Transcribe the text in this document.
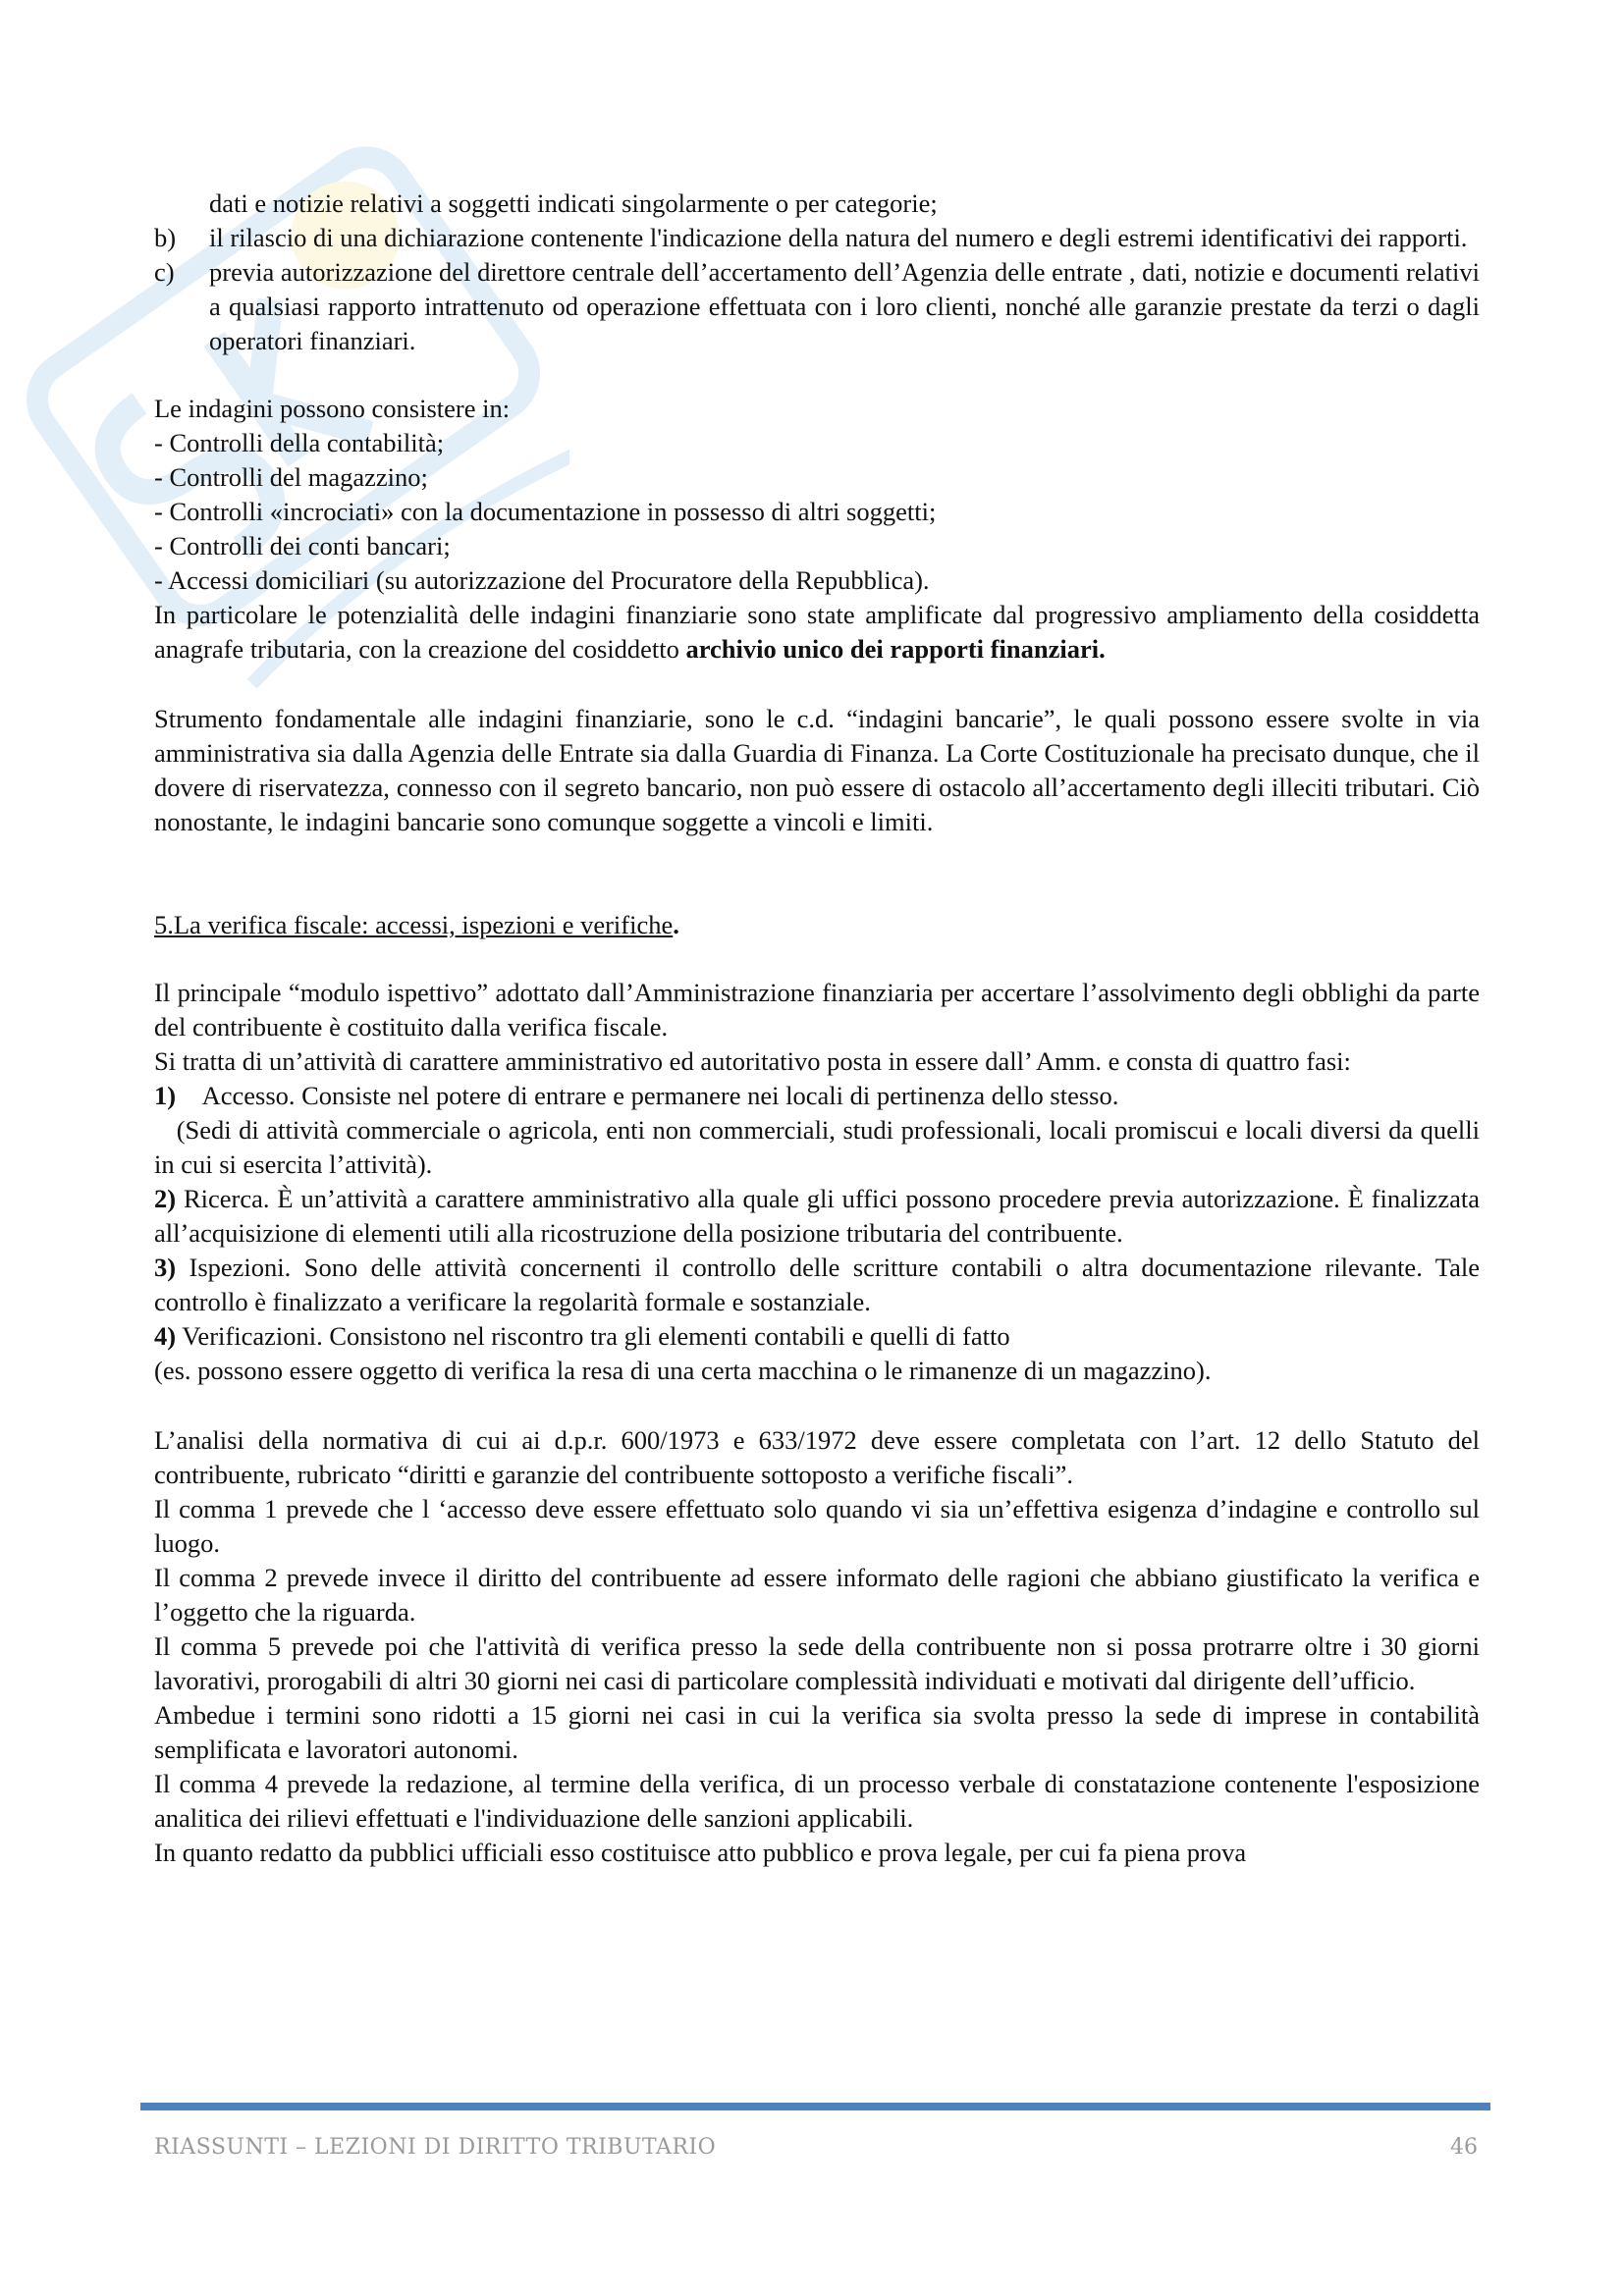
dati e notizie relativi a soggetti indicati singolarmente o per categorie;

b)	il rilascio di una dichiarazione contenente l'indicazione della natura del numero e degli estremi identificativi dei rapporti.
c)	previa autorizzazione del direttore centrale dell’accertamento dell’Agenzia delle entrate , dati, notizie e documenti relativi a qualsiasi rapporto intrattenuto od operazione effettuata con i loro clienti, nonché alle garanzie prestate da terzi o dagli operatori finanziari.

Le indagini possono consistere in:

- Controlli della contabilità;

- Controlli del magazzino;

- Controlli «incrociati» con la documentazione in possesso di altri soggetti;

- Controlli dei conti bancari;

- Accessi domiciliari (su autorizzazione del Procuratore della Repubblica).

In particolare le potenzialità delle indagini finanziarie sono state amplificate dal progressivo ampliamento della cosiddetta anagrafe tributaria, con la creazione del cosiddetto archivio unico dei rapporti finanziari.

Strumento fondamentale alle indagini finanziarie, sono le c.d. “indagini bancarie”, le quali possono essere svolte in via amministrativa sia dalla Agenzia delle Entrate sia dalla Guardia di Finanza. La Corte Costituzionale ha precisato dunque, che il dovere di riservatezza, connesso con il segreto bancario, non può essere di ostacolo all’accertamento degli illeciti tributari. Ciò nonostante, le indagini bancarie sono comunque soggette a vincoli e limiti.

5.La verifica fiscale: accessi, ispezioni e verifiche.

Il principale “modulo ispettivo” adottato dall’Amministrazione finanziaria per accertare l’assolvimento degli obblighi da parte del contribuente è costituito dalla verifica fiscale.

Si tratta di un’attività di carattere amministrativo ed autoritativo posta in essere dall’ Amm. e consta di quattro fasi:

1) Accesso. Consiste nel potere di entrare e permanere nei locali di pertinenza dello stesso.

(Sedi di attività commerciale o agricola, enti non commerciali, studi professionali, locali promiscui e locali diversi da quelli in cui si esercita l’attività).

2) Ricerca. È un’attività a carattere amministrativo alla quale gli uffici possono procedere previa autorizzazione. È finalizzata all’acquisizione di elementi utili alla ricostruzione della posizione tributaria del contribuente.

3) Ispezioni. Sono delle attività concernenti il controllo delle scritture contabili o altra documentazione rilevante. Tale controllo è finalizzato a verificare la regolarità formale e sostanziale.

4) Verificazioni. Consistono nel riscontro tra gli elementi contabili e quelli di fatto

(es. possono essere oggetto di verifica la resa di una certa macchina o le rimanenze di un magazzino).

L’analisi della normativa di cui ai d.p.r. 600/1973 e 633/1972 deve essere completata con l’art. 12 dello Statuto del contribuente, rubricato “diritti e garanzie del contribuente sottoposto a verifiche fiscali”.

Il comma 1 prevede che l ‘accesso deve essere effettuato solo quando vi sia un’effettiva esigenza d’indagine e controllo sul luogo.

Il comma 2 prevede invece il diritto del contribuente ad essere informato delle ragioni che abbiano giustificato la verifica e l’oggetto che la riguarda.

Il comma 5 prevede poi che l'attività di verifica presso la sede della contribuente non si possa protrarre oltre i 30 giorni lavorativi, prorogabili di altri 30 giorni nei casi di particolare complessità individuati e motivati dal dirigente dell’ufficio.

Ambedue i termini sono ridotti a 15 giorni nei casi in cui la verifica sia svolta presso la sede di imprese in contabilità semplificata e lavoratori autonomi.

Il comma 4 prevede la redazione, al termine della verifica, di un processo verbale di constatazione contenente l'esposizione analitica dei rilievi effettuati e l'individuazione delle sanzioni applicabili.

In quanto redatto da pubblici ufficiali esso costituisce atto pubblico e prova legale, per cui fa piena prova

RIASSUNTI – LEZIONI DI DIRITTO TRIBUTARIO	46
